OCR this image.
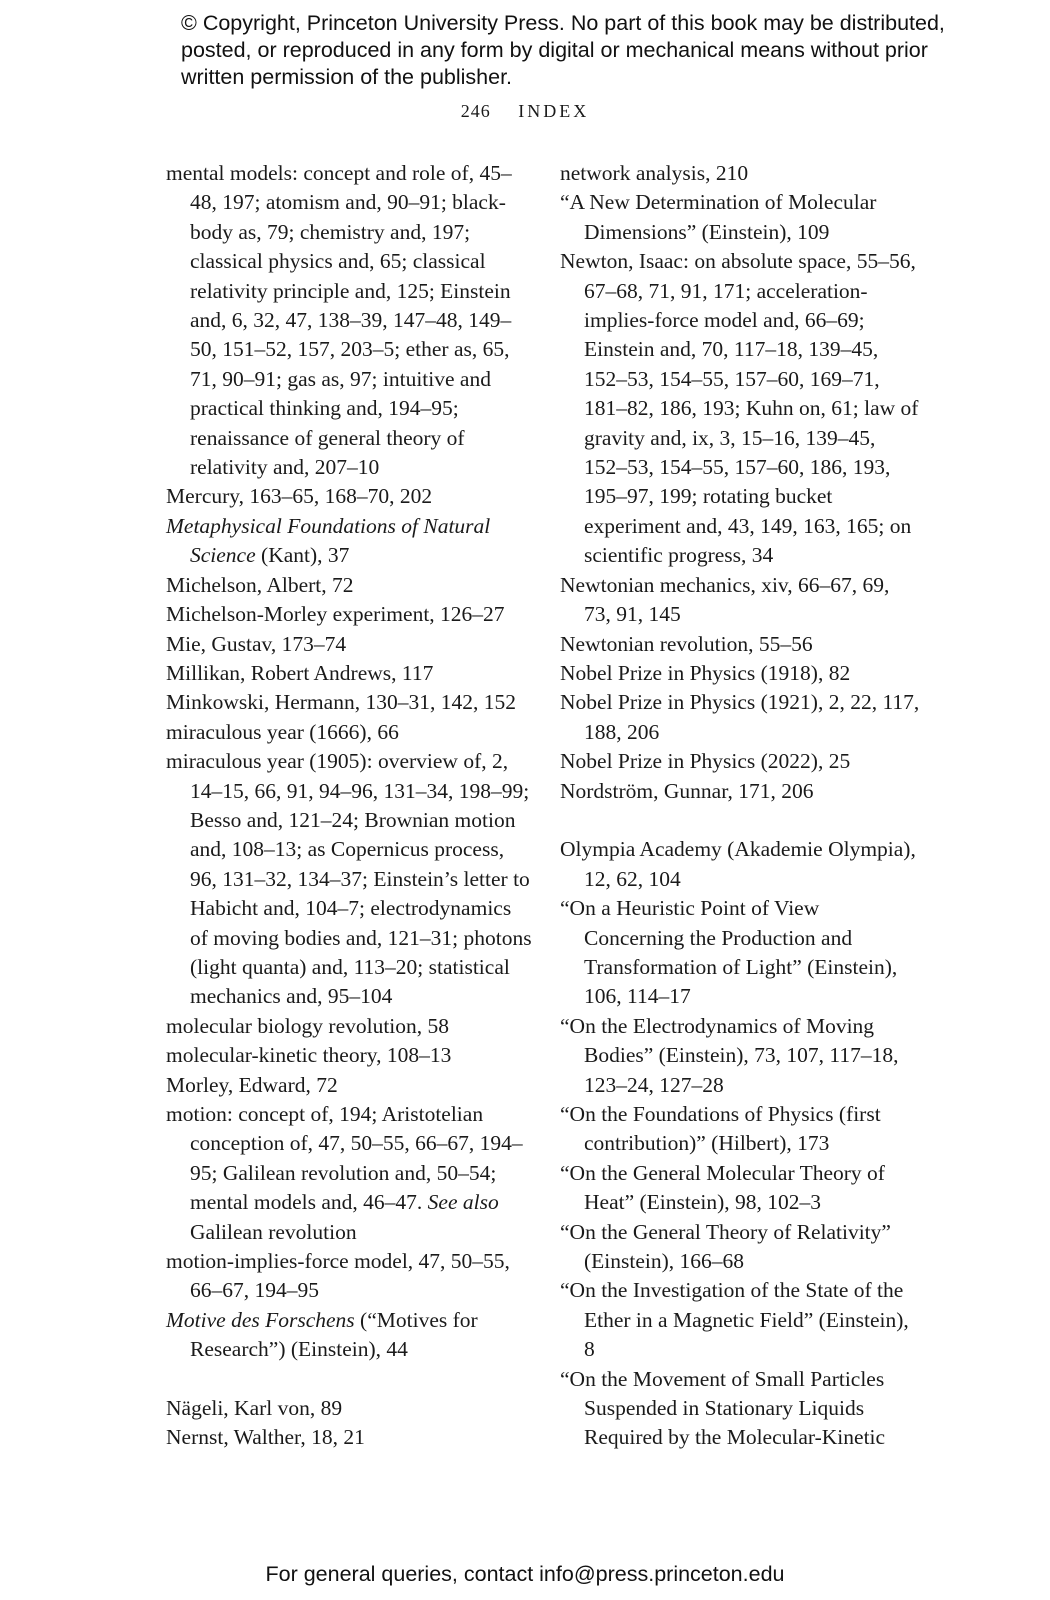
© Copyright, Princeton University Press. No part of this book may be distributed, posted, or reproduced in any form by digital or mechanical means without prior written permission of the publisher.
246 INDEX

mental models: concept and role of, 45–48, 197; atomism and, 90–91; black-body as, 79; chemistry and, 197; classical physics and, 65; classical relativity principle and, 125; Einstein and, 6, 32, 47, 138–39, 147–48, 149–50, 151–52, 157, 203–5; ether as, 65, 71, 90–91; gas as, 97; intuitive and practical thinking and, 194–95; renaissance of general theory of relativity and, 207–10

Mercury, 163–65, 168–70, 202

Metaphysical Foundations of Natural Science (Kant), 37

Michelson, Albert, 72

Michelson-Morley experiment, 126–27

Mie, Gustav, 173–74

Millikan, Robert Andrews, 117

Minkowski, Hermann, 130–31, 142, 152

miraculous year (1666), 66

miraculous year (1905): overview of, 2, 14–15, 66, 91, 94–96, 131–34, 198–99; Besso and, 121–24; Brownian motion and, 108–13; as Copernicus process, 96, 131–32, 134–37; Einstein’s letter to Habicht and, 104–7; electrodynamics of moving bodies and, 121–31; photons (light quanta) and, 113–20; statistical mechanics and, 95–104

molecular biology revolution, 58

molecular-kinetic theory, 108–13

Morley, Edward, 72

motion: concept of, 194; Aristotelian conception of, 47, 50–55, 66–67, 194–95; Galilean revolution and, 50–54; mental models and, 46–47. See also Galilean revolution

motion-implies-force model, 47, 50–55, 66–67, 194–95

Motive des Forschens (“Motives for Research”) (Einstein), 44

Nägeli, Karl von, 89

Nernst, Walther, 18, 21

network analysis, 210

“A New Determination of Molecular Dimensions” (Einstein), 109

Newton, Isaac: on absolute space, 55–56, 67–68, 71, 91, 171; acceleration-implies-force model and, 66–69; Einstein and, 70, 117–18, 139–45, 152–53, 154–55, 157–60, 169–71, 181–82, 186, 193; Kuhn on, 61; law of gravity and, ix, 3, 15–16, 139–45, 152–53, 154–55, 157–60, 186, 193, 195–97, 199; rotating bucket experiment and, 43, 149, 163, 165; on scientific progress, 34

Newtonian mechanics, xiv, 66–67, 69, 73, 91, 145

Newtonian revolution, 55–56

Nobel Prize in Physics (1918), 82

Nobel Prize in Physics (1921), 2, 22, 117, 188, 206

Nobel Prize in Physics (2022), 25

Nordström, Gunnar, 171, 206

Olympia Academy (Akademie Olympia), 12, 62, 104

“On a Heuristic Point of View Concerning the Production and Transformation of Light” (Einstein), 106, 114–17

“On the Electrodynamics of Moving Bodies” (Einstein), 73, 107, 117–18, 123–24, 127–28

“On the Foundations of Physics (first contribution)” (Hilbert), 173

“On the General Molecular Theory of Heat” (Einstein), 98, 102–3

“On the General Theory of Relativity” (Einstein), 166–68

“On the Investigation of the State of the Ether in a Magnetic Field” (Einstein), 8

“On the Movement of Small Particles Suspended in Stationary Liquids Required by the Molecular-Kinetic

For general queries, contact info@press.princeton.edu
